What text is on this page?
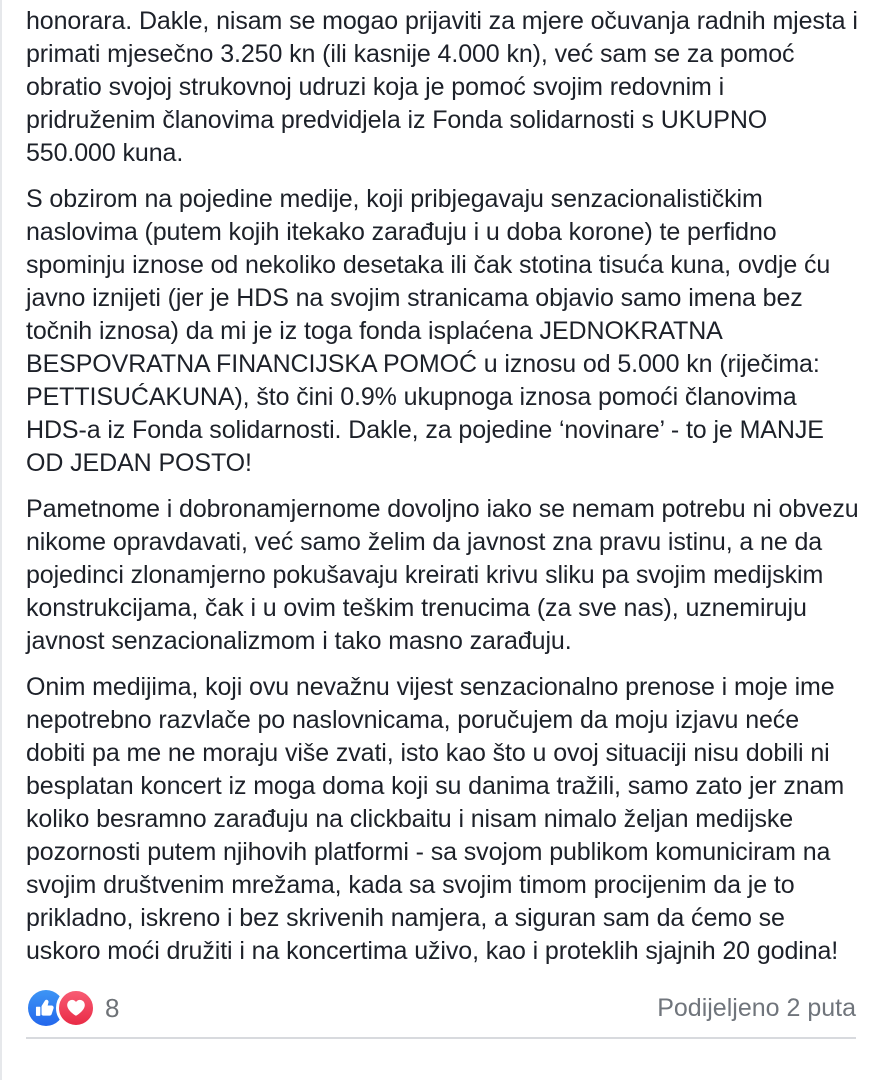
honorara. Dakle, nisam se mogao prijaviti za mjere očuvanja radnih mjesta i primati mjesečno 3.250 kn (ili kasnije 4.000 kn), već sam se za pomoć obratio svojoj strukovnoj udruzi koja je pomoć svojim redovnim i pridruženim članovima predvidjela iz Fonda solidarnosti s UKUPNO 550.000 kuna.

S obzirom na pojedine medije, koji pribjegavaju senzacionalističkim naslovima (putem kojih itekako zarađuju i u doba korone) te perfidno spominju iznose od nekoliko desetaka ili čak stotina tisuća kuna, ovdje ću javno iznijeti (jer je HDS na svojim stranicama objavio samo imena bez točnih iznosa) da mi je iz toga fonda isplaćena JEDNOKRATNA BESPOVRATNA FINANCIJSKA POMOĆ u iznosu od 5.000 kn (riječima: PETTISUĆAKUNA), što čini 0.9% ukupnoga iznosa pomoći članovima HDS-a iz Fonda solidarnosti. Dakle, za pojedine ‘novinare’ - to je MANJE OD JEDAN POSTO!

Pametnome i dobronamjernome dovoljno iako se nemam potrebu ni obvezu nikome opravdavati, već samo želim da javnost zna pravu istinu, a ne da pojedinci zlonamjerno pokušavaju kreirati krivu sliku pa svojim medijskim konstrukcijama, čak i u ovim teškim trenucima (za sve nas), uznemiruju javnost senzacionalizmom i tako masno zarađuju.

Onim medijima, koji ovu nevažnu vijest senzacionalno prenose i moje ime nepotrebno razvlače po naslovnicama, poručujem da moju izjavu neće dobiti pa me ne moraju više zvati, isto kao što u ovoj situaciji nisu dobili ni besplatan koncert iz moga doma koji su danima tražili, samo zato jer znam koliko besramno zarađuju na clickbaitu i nisam nimalo željan medijske pozornosti putem njihovih platformi - sa svojom publikom komuniciram na svojim društvenim mrežama, kada sa svojim timom procijenim da je to prikladno, iskreno i bez skrivenih namjera, a siguran sam da ćemo se uskoro moći družiti i na koncertima uživo, kao i proteklih sjajnih 20 godina!

8	Podijeljeno 2 puta
